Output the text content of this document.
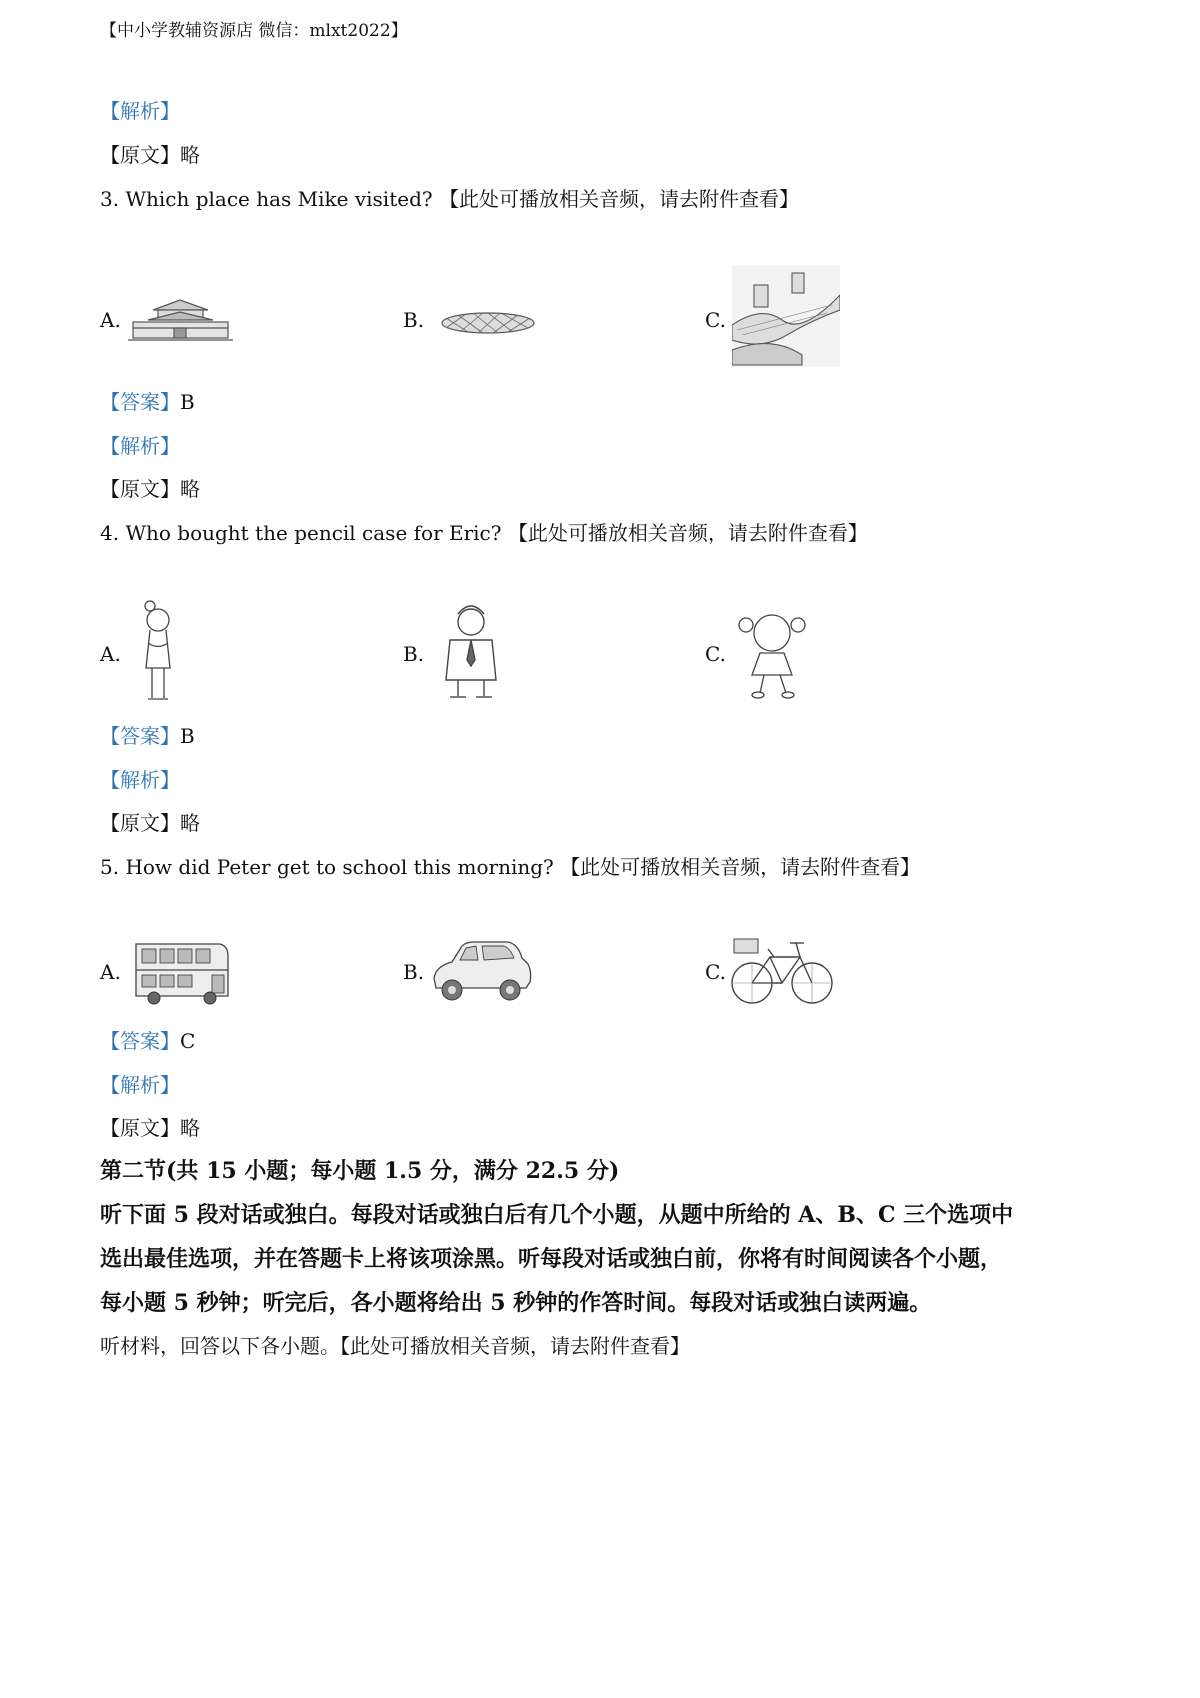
【中小学教辅资源店 微信：mlxt2022】
【解析】
【原文】略
3. Which place has Mike visited? 【此处可播放相关音频，请去附件查看】
A.	B.	C.
【答案】B
【解析】
【原文】略
4. Who bought the pencil case for Eric? 【此处可播放相关音频，请去附件查看】
A.	B.	C.
【答案】B
【解析】
【原文】略
5. How did Peter get to school this morning? 【此处可播放相关音频，请去附件查看】
A.	B.	C.
【答案】C
【解析】
【原文】略
第二节(共 15 小题；每小题 1.5 分，满分 22.5 分)
听下面 5 段对话或独白。每段对话或独白后有几个小题，从题中所给的 A、B、C 三个选项中
选出最佳选项，并在答题卡上将该项涂黑。听每段对话或独白前，你将有时间阅读各个小题，
每小题 5 秒钟；听完后，各小题将给出 5 秒钟的作答时间。每段对话或独白读两遍。
听材料，回答以下各小题。【此处可播放相关音频，请去附件查看】
